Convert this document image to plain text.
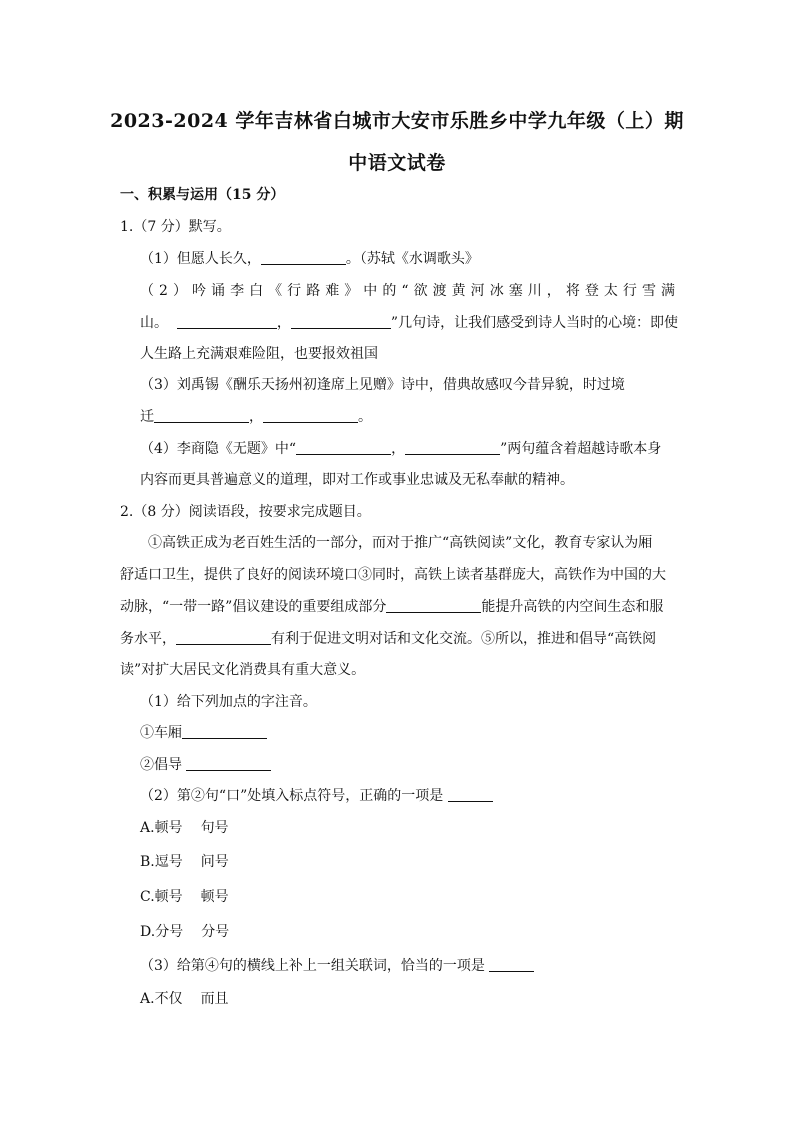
2023-2024 学年吉林省白城市大安市乐胜乡中学九年级（上）期
中语文试卷
一、积累与运用（15 分）
1.（7 分）默写。
（1）但愿人长久，	。（苏轼《水调歌头》
（ 2 ） 吟 诵 李 白 《 行 路 难 》 中 的 “ 欲 渡 黄 河 冰 塞 川 ， 将 登 太 行 雪 满
山。	，	”几句诗，让我们感受到诗人当时的心境：即使
人生路上充满艰难险阻，也要报效祖国
（3）刘禹锡《酬乐天扬州初逢席上见赠》诗中，借典故感叹今昔异貌，时过境
迁	，	。
（4）李商隐《无题》中“	，	”两句蕴含着超越诗歌本身
内容而更具普遍意义的道理，即对工作或事业忠诚及无私奉献的精神。
2.（8 分）阅读语段，按要求完成题目。
①高铁正成为老百姓生活的一部分，而对于推广“高铁阅读”文化，教育专家认为厢
舒适口卫生，提供了良好的阅读环境口③同时，高铁上读者基群庞大，高铁作为中国的大
动脉，“一带一路”倡议建设的重要组成部分	能提升高铁的内空间生态和服
务水平，	有利于促进文明对话和文化交流。⑤所以，推进和倡导“高铁阅
读”对扩大居民文化消费具有重大意义。
（1）给下列加点的字注音。
①车厢
②倡导
（2）第②句“口”处填入标点符号，正确的一项是
A.顿号 句号
B.逗号 问号
C.顿号 顿号
D.分号 分号
（3）给第④句的横线上补上一组关联词，恰当的一项是
A.不仅 而且
